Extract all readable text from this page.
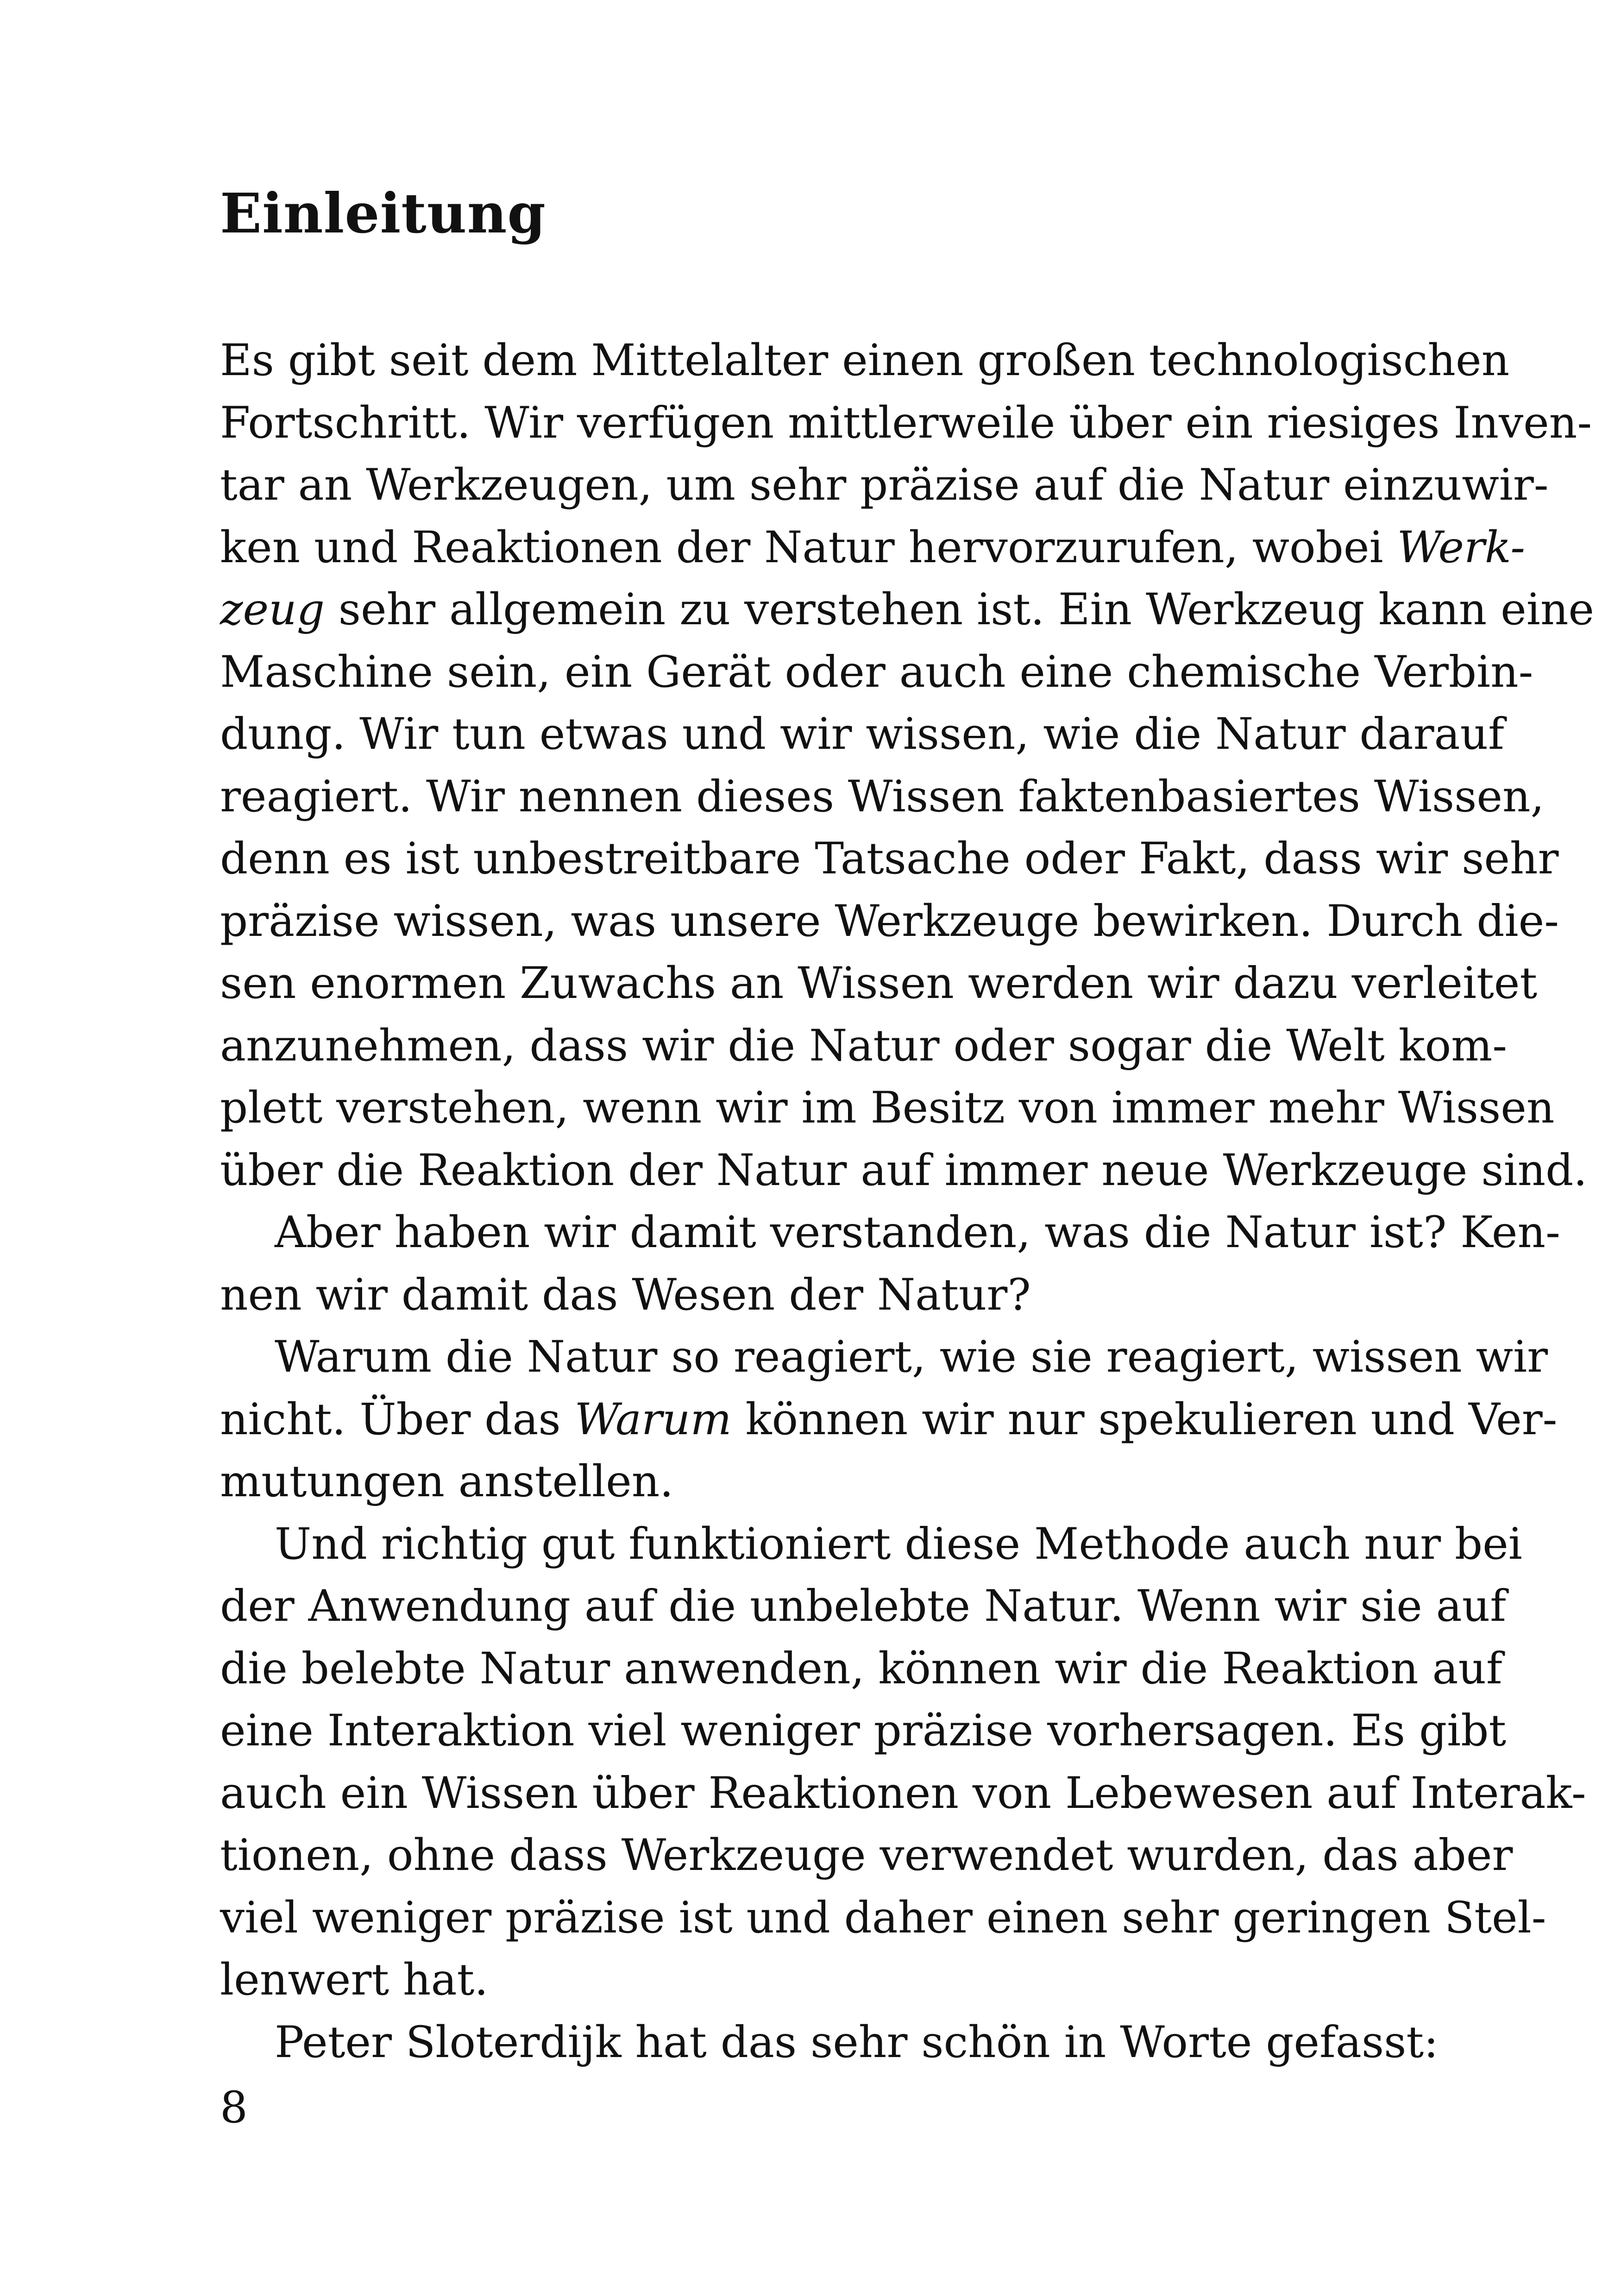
Einleitung
Es gibt seit dem Mittelalter einen großen technologischen
Fortschritt. Wir verfügen mittlerweile über ein riesiges Inven-
tar an Werkzeugen, um sehr präzise auf die Natur einzuwir-
ken und Reaktionen der Natur hervorzurufen, wobei Werk-
zeug sehr allgemein zu verstehen ist. Ein Werkzeug kann eine
Maschine sein, ein Gerät oder auch eine chemische Verbin-
dung. Wir tun etwas und wir wissen, wie die Natur darauf
reagiert. Wir nennen dieses Wissen faktenbasiertes Wissen,
denn es ist unbestreitbare Tatsache oder Fakt, dass wir sehr
präzise wissen, was unsere Werkzeuge bewirken. Durch die-
sen enormen Zuwachs an Wissen werden wir dazu verleitet
anzunehmen, dass wir die Natur oder sogar die Welt kom-
plett verstehen, wenn wir im Besitz von immer mehr Wissen
über die Reaktion der Natur auf immer neue Werkzeuge sind.
Aber haben wir damit verstanden, was die Natur ist? Ken-
nen wir damit das Wesen der Natur?
Warum die Natur so reagiert, wie sie reagiert, wissen wir
nicht. Über das Warum können wir nur spekulieren und Ver-
mutungen anstellen.
Und richtig gut funktioniert diese Methode auch nur bei
der Anwendung auf die unbelebte Natur. Wenn wir sie auf
die belebte Natur anwenden, können wir die Reaktion auf
eine Interaktion viel weniger präzise vorhersagen. Es gibt
auch ein Wissen über Reaktionen von Lebewesen auf Interak-
tionen, ohne dass Werkzeuge verwendet wurden, das aber
viel weniger präzise ist und daher einen sehr geringen Stel-
lenwert hat.
Peter Sloterdijk hat das sehr schön in Worte gefasst:
8
